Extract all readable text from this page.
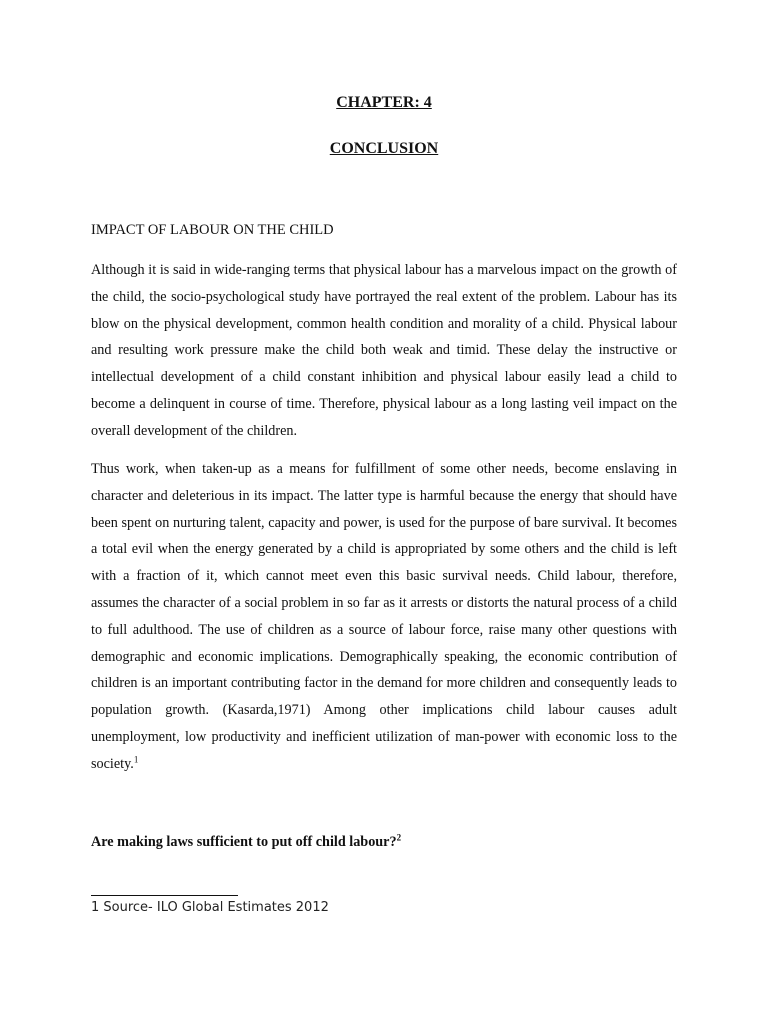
CHAPTER: 4
CONCLUSION
IMPACT OF LABOUR ON THE CHILD

Although it is said in wide-ranging terms that physical labour has a marvelous impact on the growth of the child, the socio-psychological study have portrayed the real extent of the problem. Labour has its blow on the physical development, common health condition and morality of a child. Physical labour and resulting work pressure make the child both weak and timid. These delay the instructive or intellectual development of a child constant inhibition and physical labour easily lead a child to become a delinquent in course of time. Therefore, physical labour as a long lasting veil impact on the overall development of the children.

Thus work, when taken-up as a means for fulfillment of some other needs, become enslaving in character and deleterious in its impact. The latter type is harmful because the energy that should have been spent on nurturing talent, capacity and power, is used for the purpose of bare survival. It becomes a total evil when the energy generated by a child is appropriated by some others and the child is left with a fraction of it, which cannot meet even this basic survival needs. Child labour, therefore, assumes the character of a social problem in so far as it arrests or distorts the natural process of a child to full adulthood. The use of children as a source of labour force, raise many other questions with demographic and economic implications. Demographically speaking, the economic contribution of children is an important contributing factor in the demand for more children and consequently leads to population growth. (Kasarda,1971) Among other implications child labour causes adult unemployment, low productivity and inefficient utilization of man-power with economic loss to the society.$^1$

Are making laws sufficient to put off child labour?$^2$
1 Source- ILO Global Estimates 2012
